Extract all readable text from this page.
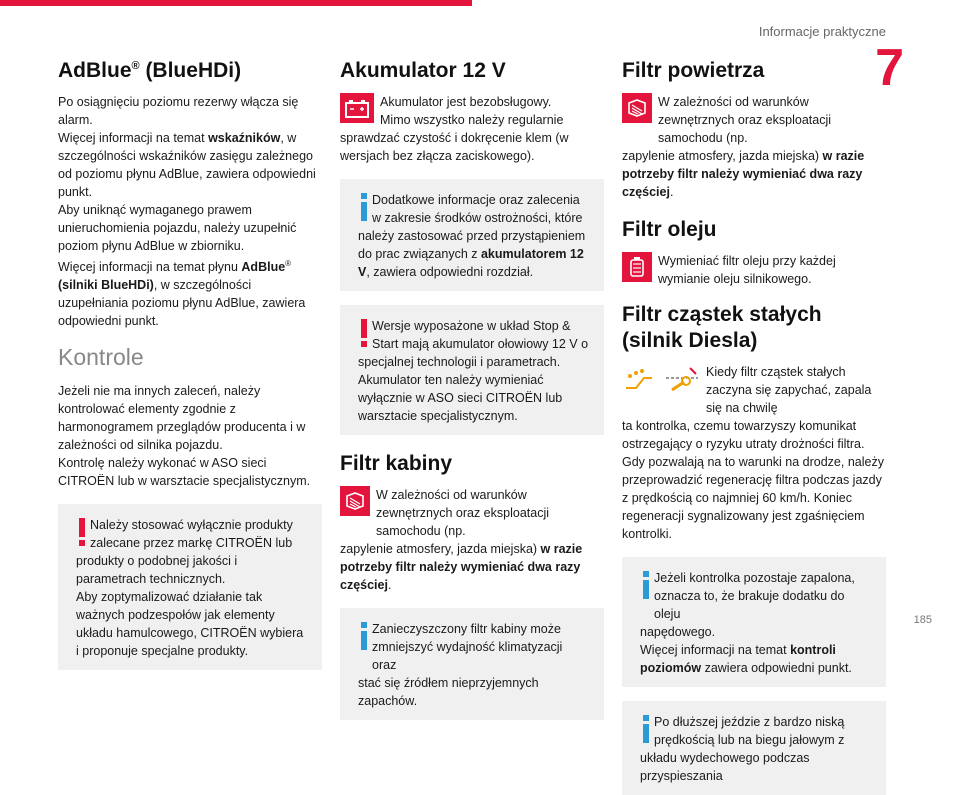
Informacje praktyczne
7
185
AdBlue® (BlueHDi)

Po osiągnięciu poziomu rezerwy włącza się alarm.

Więcej informacji na temat wskaźników, w szczególności wskaźników zasięgu zależnego od poziomu płynu AdBlue, zawiera odpowiedni punkt.

Aby uniknąć wymaganego prawem unieruchomienia pojazdu, należy uzupełnić poziom płynu AdBlue w zbiorniku.

Więcej informacji na temat płynu AdBlue® (silniki BlueHDi), w szczególności uzupełniania poziomu płynu AdBlue, zawiera odpowiedni punkt.

Kontrole

Jeżeli nie ma innych zaleceń, należy kontrolować elementy zgodnie z harmonogramem przeglądów producenta i w zależności od silnika pojazdu.

Kontrolę należy wykonać w ASO sieci CITROËN lub w warsztacie specjalistycznym.

Należy stosować wyłącznie produkty zalecane przez markę CITROËN lub

produkty o podobnej jakości i parametrach technicznych.

Aby zoptymalizować działanie tak ważnych podzespołów jak elementy układu hamulcowego, CITROËN wybiera i proponuje specjalne produkty.

Akumulator 12 V

Akumulator jest bezobsługowy.

Mimo wszystko należy regularnie

sprawdzać czystość i dokręcenie klem (w wersjach bez złącza zaciskowego).

Dodatkowe informacje oraz zalecenia w zakresie środków ostrożności, które

należy zastosować przed przystąpieniem do prac związanych z akumulatorem 12 V, zawiera odpowiedni rozdział.

Wersje wyposażone w układ Stop & Start mają akumulator ołowiowy 12 V o

specjalnej technologii i parametrach.

Akumulator ten należy wymieniać wyłącznie w ASO sieci CITROËN lub warsztacie specjalistycznym.

Filtr kabiny

W zależności od warunków zewnętrznych oraz eksploatacji samochodu (np.

zapylenie atmosfery, jazda miejska) w razie potrzeby filtr należy wymieniać dwa razy częściej.

Zanieczyszczony filtr kabiny może zmniejszyć wydajność klimatyzacji oraz

stać się źródłem nieprzyjemnych zapachów.

Filtr powietrza

W zależności od warunków zewnętrznych oraz eksploatacji samochodu (np.

zapylenie atmosfery, jazda miejska) w razie potrzeby filtr należy wymieniać dwa razy częściej.

Filtr oleju

Wymieniać filtr oleju przy każdej wymianie oleju silnikowego.

Filtr cząstek stałych (silnik Diesla)

Kiedy filtr cząstek stałych zaczyna się zapychać, zapala się na chwilę

ta kontrolka, czemu towarzyszy komunikat ostrzegający o ryzyku utraty drożności filtra.

Gdy pozwalają na to warunki na drodze, należy przeprowadzić regenerację filtra podczas jazdy z prędkością co najmniej 60 km/h. Koniec regeneracji sygnalizowany jest zgaśnięciem kontrolki.

Jeżeli kontrolka pozostaje zapalona, oznacza to, że brakuje dodatku do oleju

napędowego.

Więcej informacji na temat kontroli poziomów zawiera odpowiedni punkt.

Po dłuższej jeździe z bardzo niską prędkością lub na biegu jałowym z

układu wydechowego podczas przyspieszania
